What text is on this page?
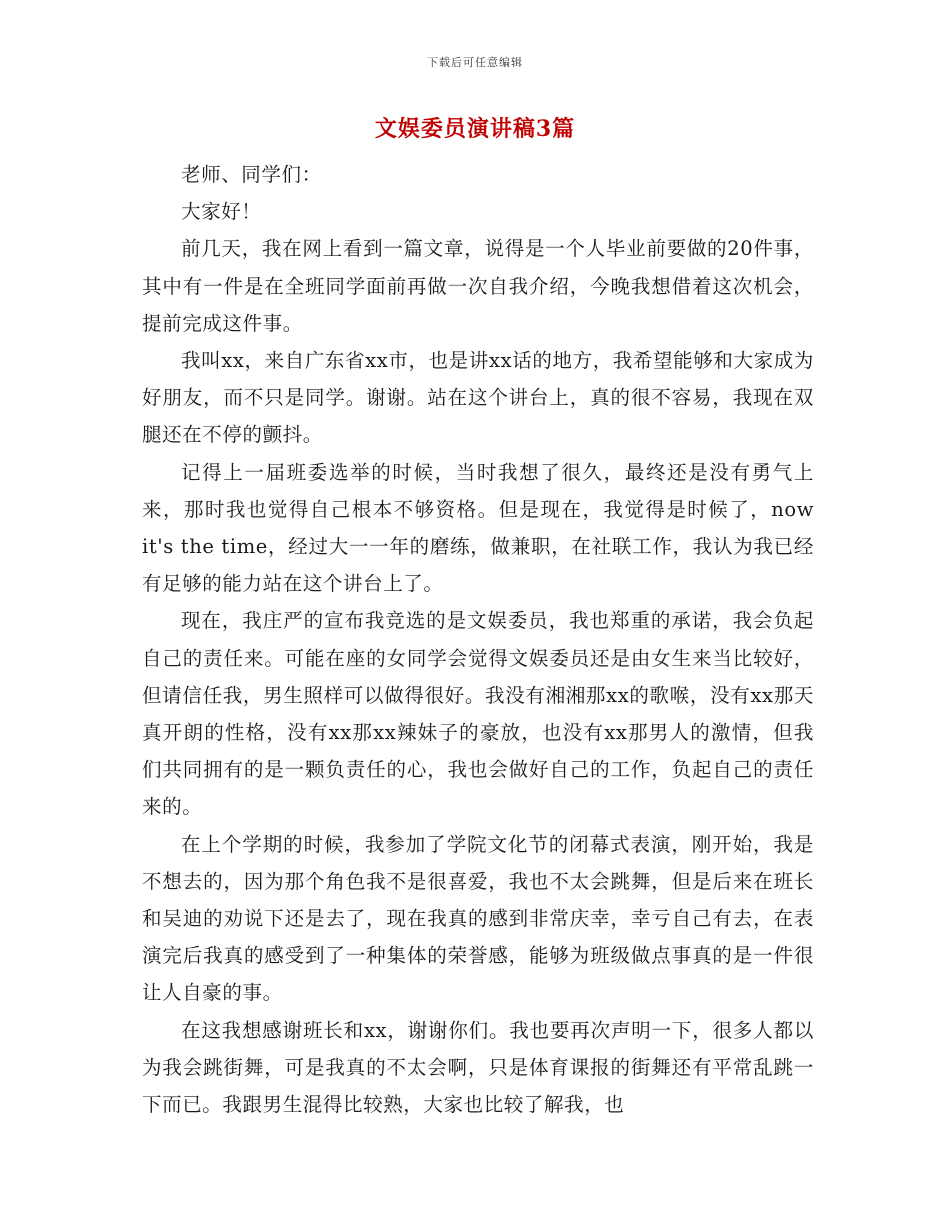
下载后可任意编辑
文娱委员演讲稿3篇

老师、同学们：

大家好！

前几天，我在网上看到一篇文章，说得是一个人毕业前要做的20件事，其中有一件是在全班同学面前再做一次自我介绍，今晚我想借着这次机会，提前完成这件事。

我叫xx，来自广东省xx市，也是讲xx话的地方，我希望能够和大家成为好朋友，而不只是同学。谢谢。站在这个讲台上，真的很不容易，我现在双腿还在不停的颤抖。

记得上一届班委选举的时候，当时我想了很久，最终还是没有勇气上来，那时我也觉得自己根本不够资格。但是现在，我觉得是时候了，now it's the time，经过大一一年的磨练，做兼职，在社联工作，我认为我已经有足够的能力站在这个讲台上了。

现在，我庄严的宣布我竞选的是文娱委员，我也郑重的承诺，我会负起自己的责任来。可能在座的女同学会觉得文娱委员还是由女生来当比较好，但请信任我，男生照样可以做得很好。我没有湘湘那xx的歌喉，没有xx那天真开朗的性格，没有xx那xx辣妹子的豪放，也没有xx那男人的激情，但我们共同拥有的是一颗负责任的心，我也会做好自己的工作，负起自己的责任来的。

在上个学期的时候，我参加了学院文化节的闭幕式表演，刚开始，我是不想去的，因为那个角色我不是很喜爱，我也不太会跳舞，但是后来在班长和吴迪的劝说下还是去了，现在我真的感到非常庆幸，幸亏自己有去，在表演完后我真的感受到了一种集体的荣誉感，能够为班级做点事真的是一件很让人自豪的事。

在这我想感谢班长和xx，谢谢你们。我也要再次声明一下，很多人都以为我会跳街舞，可是我真的不太会啊，只是体育课报的街舞还有平常乱跳一下而已。我跟男生混得比较熟，大家也比较了解我，也
